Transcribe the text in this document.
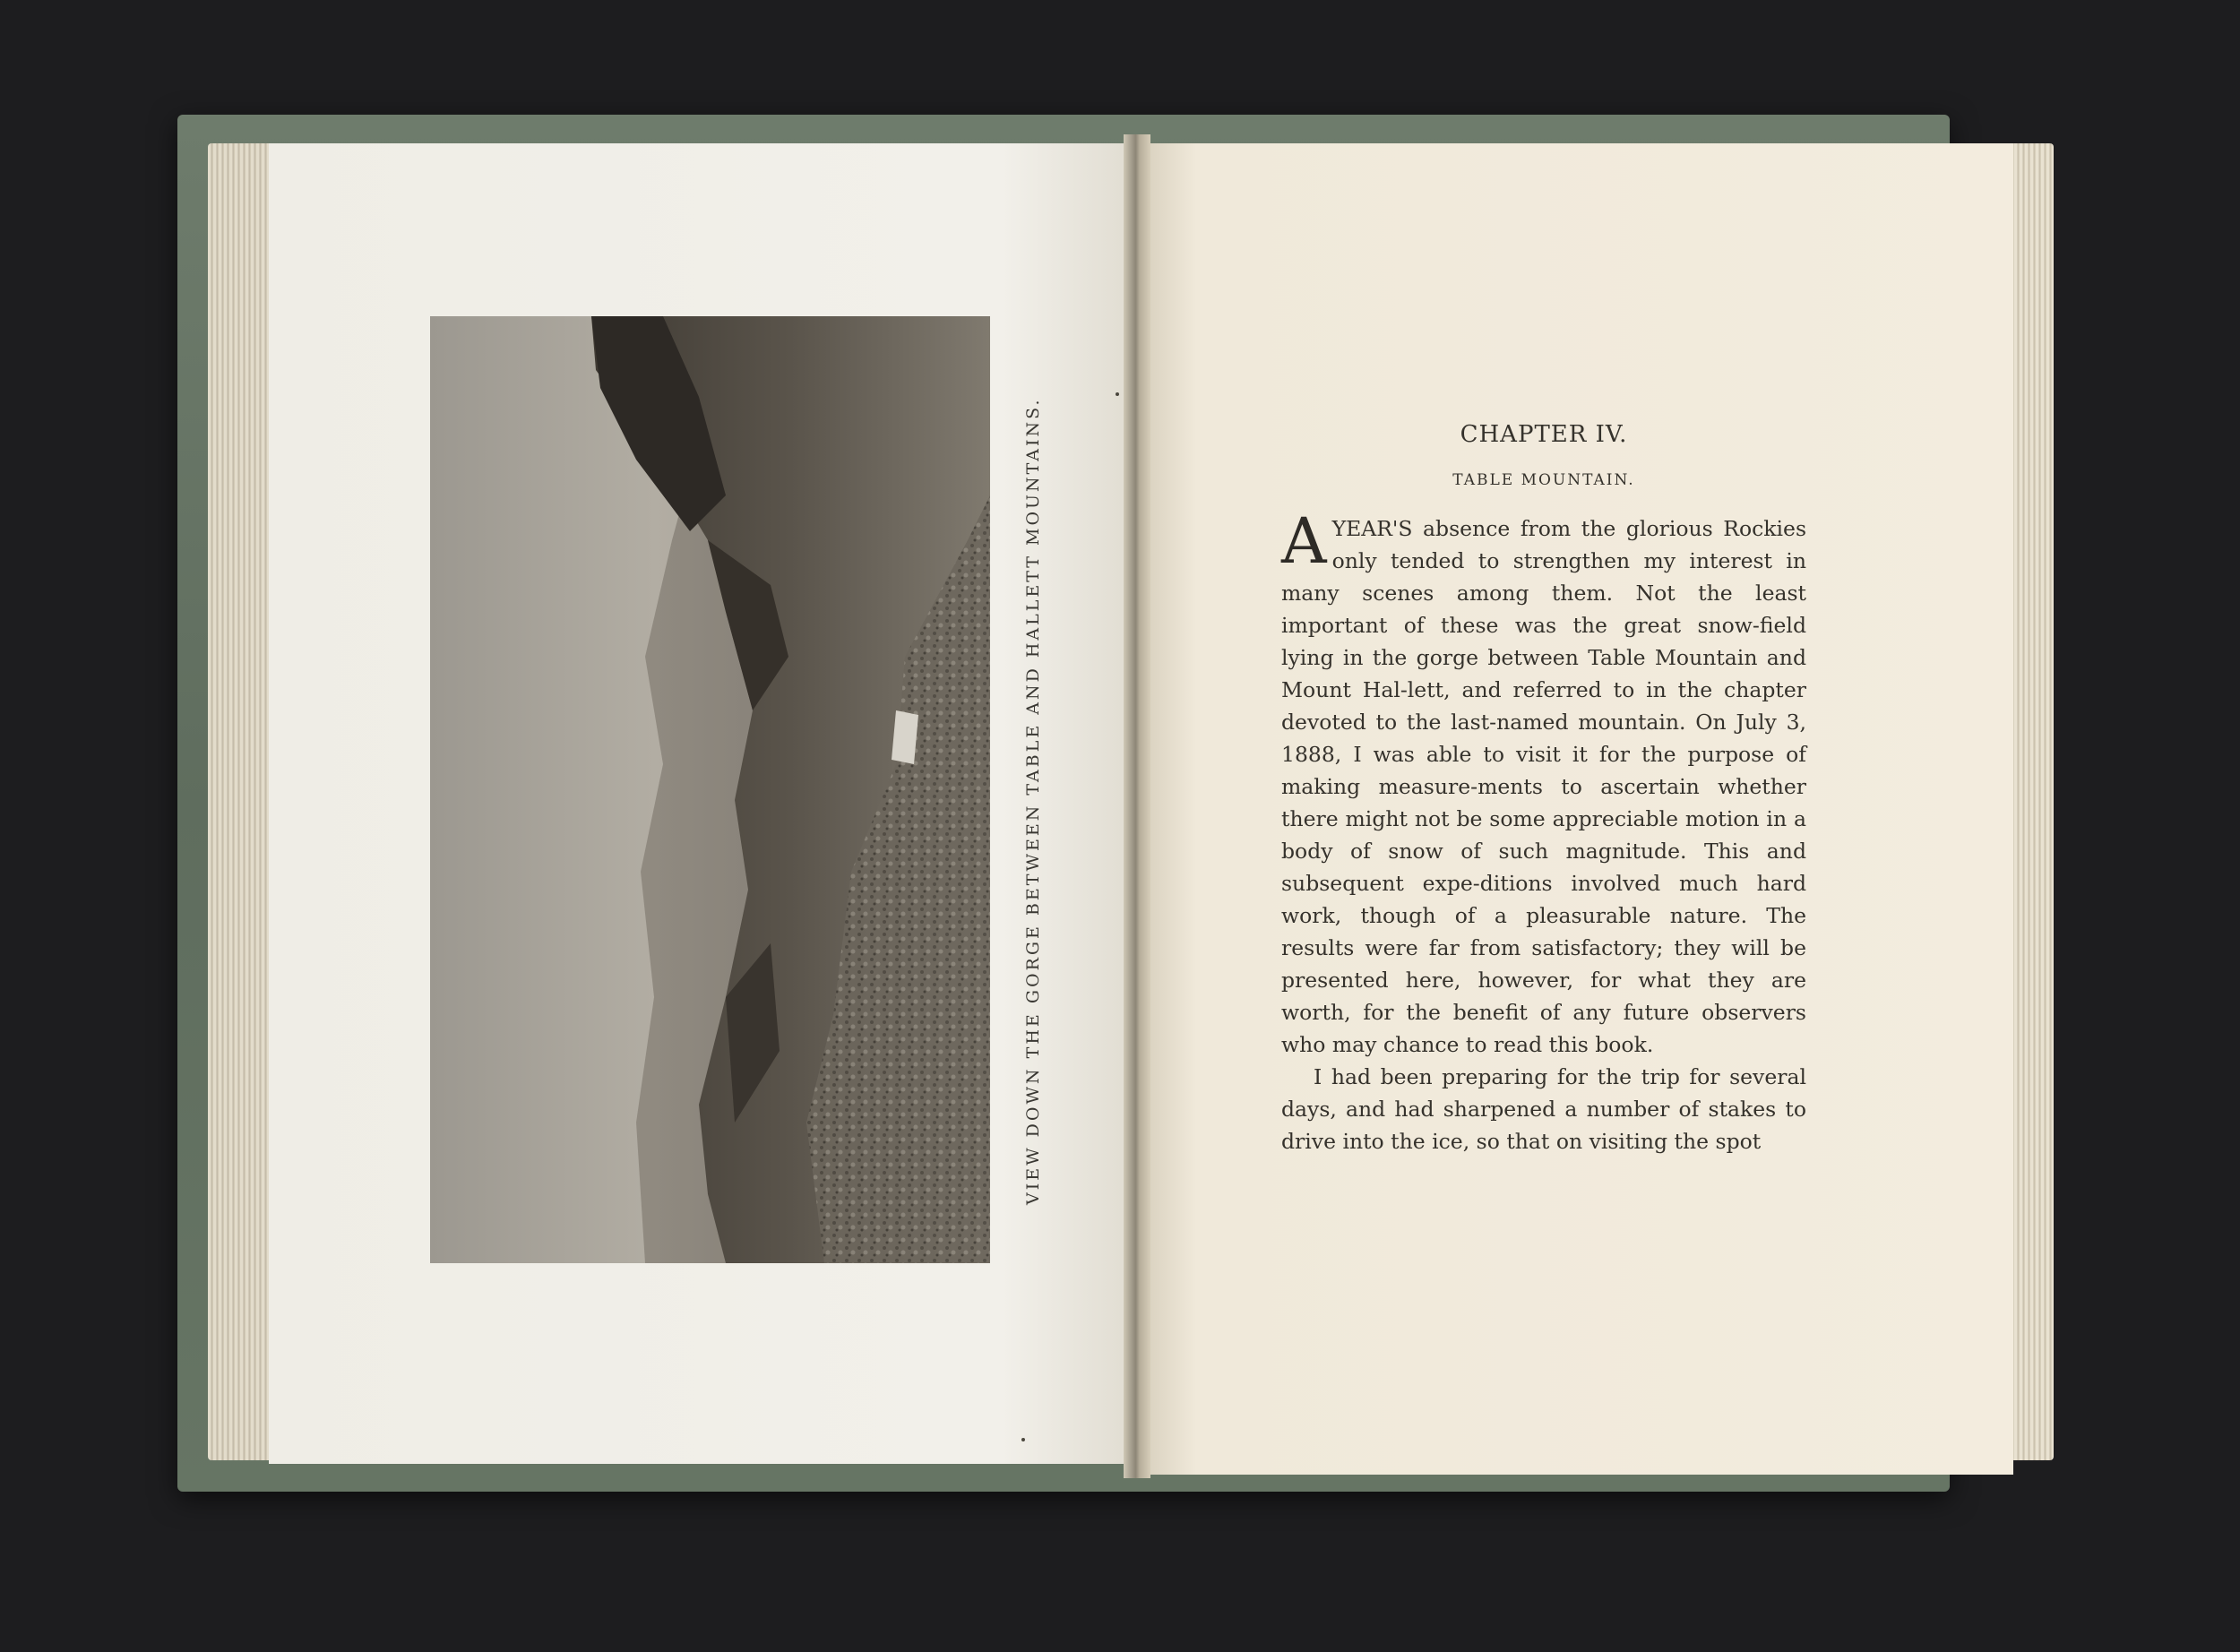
VIEW DOWN THE GORGE BETWEEN TABLE AND HALLETT MOUNTAINS.	CHAPTER IV.
TABLE MOUNTAIN.

AYEAR'S absence from the glorious Rockies only tended to strengthen my interest in many scenes among them. Not the least important of these was the great snow-field lying in the gorge between Table Mountain and Mount Hal-lett, and referred to in the chapter devoted to the last-named mountain. On July 3, 1888, I was able to visit it for the purpose of making measure-ments to ascertain whether there might not be some appreciable motion in a body of snow of such magnitude. This and subsequent expe-ditions involved much hard work, though of a pleasurable nature. The results were far from satisfactory; they will be presented here, however, for what they are worth, for the benefit of any future observers who may chance to read this book.

I had been preparing for the trip for several days, and had sharpened a number of stakes to drive into the ice, so that on visiting the spot
